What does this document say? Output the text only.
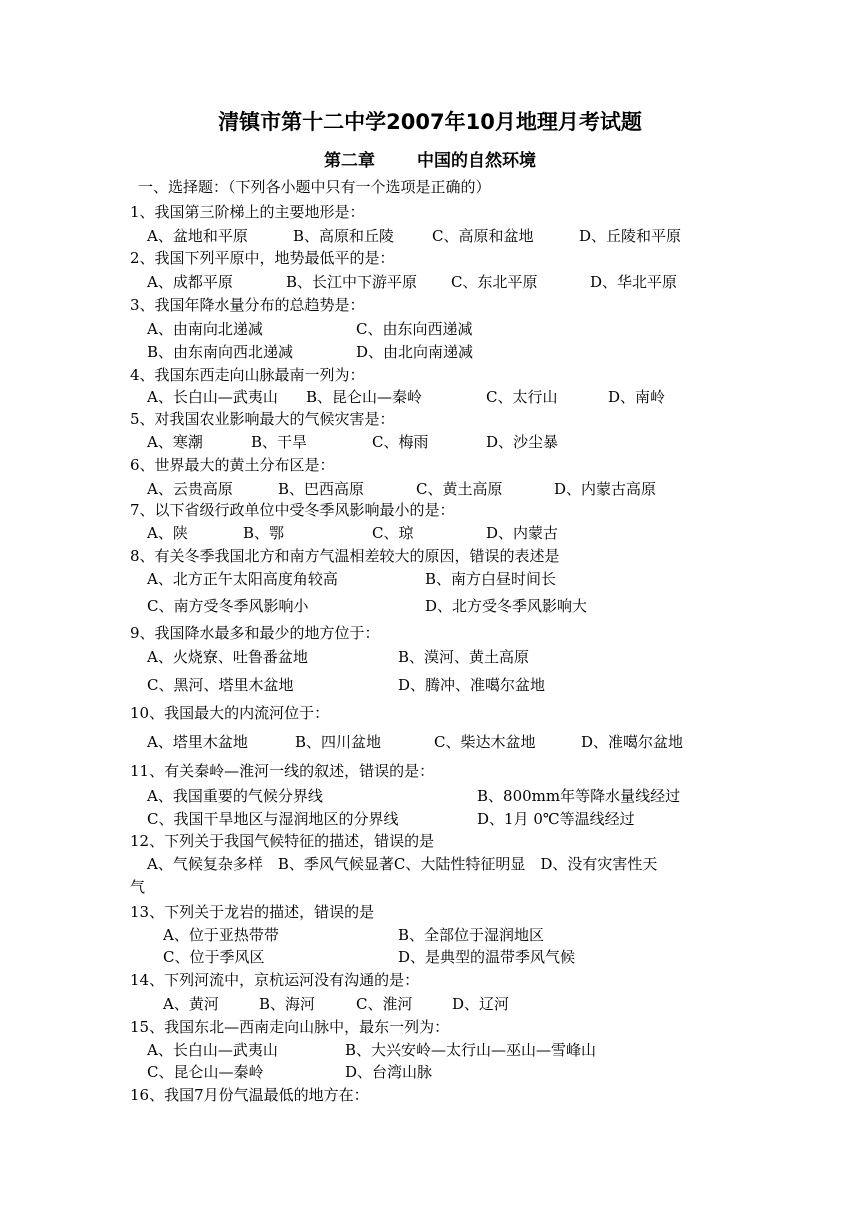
清镇市第十二中学2007年10月地理月考试题
第二章 中国的自然环境
一、选择题：（下列各小题中只有一个选项是正确的）
1、我国第三阶梯上的主要地形是：
A、盆地和平原	B、高原和丘陵	C、高原和盆地	D、丘陵和平原
2、我国下列平原中，地势最低平的是：
A、成都平原	B、长江中下游平原 C、东北平原	D、华北平原
3、我国年降水量分布的总趋势是：
A、由南向北递减	C、由东向西递减
B、由东南向西北递减	D、由北向南递减
4、我国东西走向山脉最南一列为：
A、长白山—武夷山 B、昆仑山—秦岭	C、太行山	D、南岭
5、对我国农业影响最大的气候灾害是：
A、寒潮	B、干旱	C、梅雨	D、沙尘暴
6、世界最大的黄土分布区是：
A、云贵高原	B、巴西高原	C、黄土高原	D、内蒙古高原
7、以下省级行政单位中受冬季风影响最小的是：
A、陕	B、鄂	C、琼	D、内蒙古
8、有关冬季我国北方和南方气温相差较大的原因，错误的表述是
A、北方正午太阳高度角较高	B、南方白昼时间长
C、南方受冬季风影响小	D、北方受冬季风影响大
9、我国降水最多和最少的地方位于：
A、火烧寮、吐鲁番盆地	B、漠河、黄土高原
C、黑河、塔里木盆地	D、腾冲、准噶尔盆地
10、我国最大的内流河位于：
A、塔里木盆地	B、四川盆地	C、柴达木盆地	D、准噶尔盆地
11、有关秦岭—淮河一线的叙述，错误的是：
A、我国重要的气候分界线	B、800mm年等降水量线经过
C、我国干旱地区与湿润地区的分界线	D、1月 0℃等温线经过
12、下列关于我国气候特征的描述，错误的是
A、气候复杂多样　B、季风气候显著C、大陆性特征明显　D、没有灾害性天
气
13、下列关于龙岩的描述，错误的是
A、位于亚热带带	B、全部位于湿润地区
C、位于季风区	D、是典型的温带季风气候
14、下列河流中，京杭运河没有沟通的是：
A、黄河	B、海河	C、淮河	D、辽河
15、我国东北—西南走向山脉中，最东一列为：
A、长白山—武夷山	B、大兴安岭—太行山—巫山—雪峰山
C、昆仑山—秦岭	D、台湾山脉
16、我国7月份气温最低的地方在：
